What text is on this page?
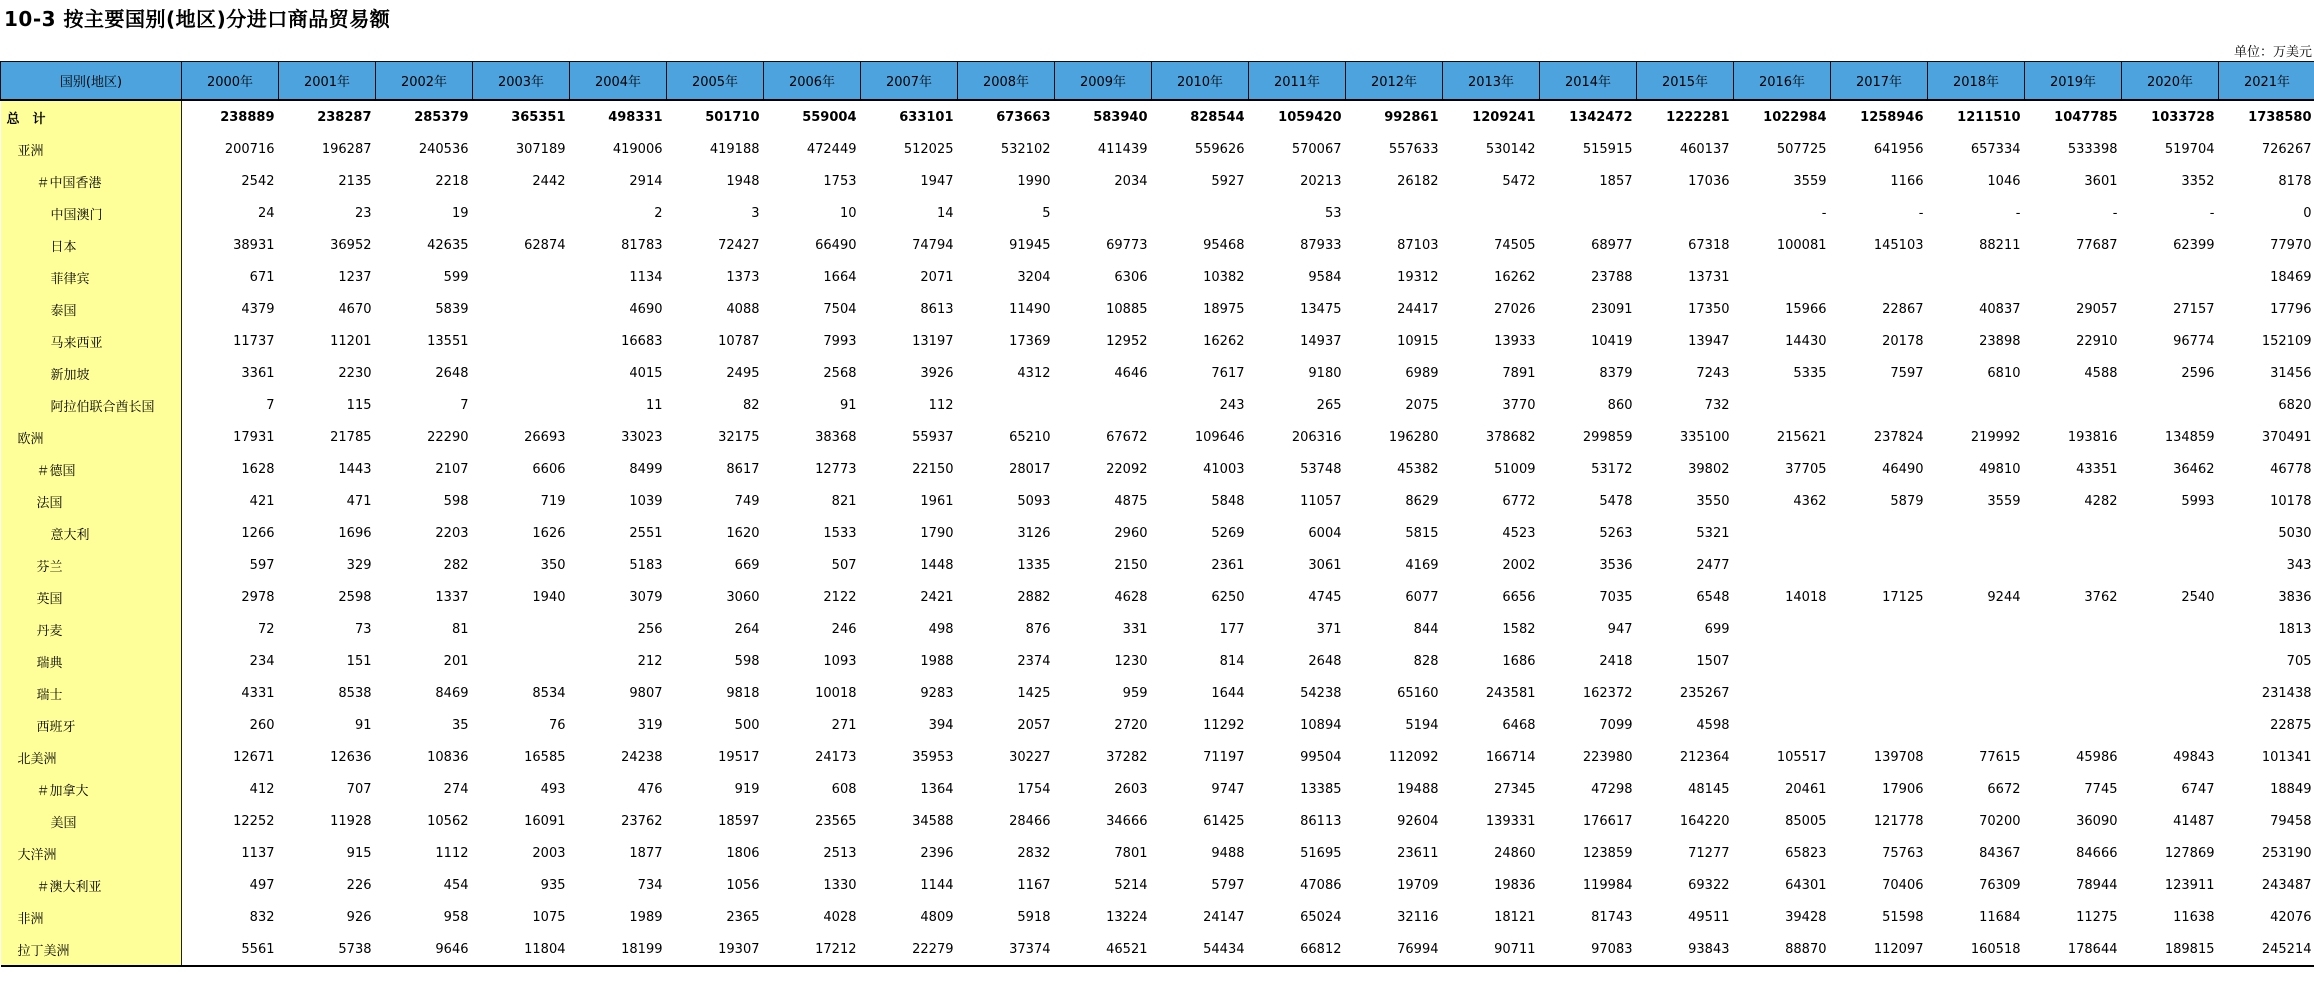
10-3 按主要国别(地区)分进口商品贸易额
单位：万美元
国别(地区)	2000年	2001年	2002年	2003年	2004年	2005年	2006年	2007年	2008年	2009年	2010年	2011年	2012年	2013年	2014年	2015年	2016年	2017年	2018年	2019年	2020年	2021年
总　计	238889	238287	285379	365351	498331	501710	559004	633101	673663	583940	828544	1059420	992861	1209241	1342472	1222281	1022984	1258946	1211510	1047785	1033728	1738580
亚洲	200716	196287	240536	307189	419006	419188	472449	512025	532102	411439	559626	570067	557633	530142	515915	460137	507725	641956	657334	533398	519704	726267
＃中国香港	2542	2135	2218	2442	2914	1948	1753	1947	1990	2034	5927	20213	26182	5472	1857	17036	3559	1166	1046	3601	3352	8178
中国澳门	24	23	19		2	3	10	14	5			53					-	-	-	-	-	0
日本	38931	36952	42635	62874	81783	72427	66490	74794	91945	69773	95468	87933	87103	74505	68977	67318	100081	145103	88211	77687	62399	77970
菲律宾	671	1237	599		1134	1373	1664	2071	3204	6306	10382	9584	19312	16262	23788	13731						18469
泰国	4379	4670	5839		4690	4088	7504	8613	11490	10885	18975	13475	24417	27026	23091	17350	15966	22867	40837	29057	27157	17796
马来西亚	11737	11201	13551		16683	10787	7993	13197	17369	12952	16262	14937	10915	13933	10419	13947	14430	20178	23898	22910	96774	152109
新加坡	3361	2230	2648		4015	2495	2568	3926	4312	4646	7617	9180	6989	7891	8379	7243	5335	7597	6810	4588	2596	31456
阿拉伯联合酋长国	7	115	7		11	82	91	112			243	265	2075	3770	860	732						6820
欧洲	17931	21785	22290	26693	33023	32175	38368	55937	65210	67672	109646	206316	196280	378682	299859	335100	215621	237824	219992	193816	134859	370491
＃德国	1628	1443	2107	6606	8499	8617	12773	22150	28017	22092	41003	53748	45382	51009	53172	39802	37705	46490	49810	43351	36462	46778
法国	421	471	598	719	1039	749	821	1961	5093	4875	5848	11057	8629	6772	5478	3550	4362	5879	3559	4282	5993	10178
意大利	1266	1696	2203	1626	2551	1620	1533	1790	3126	2960	5269	6004	5815	4523	5263	5321						5030
芬兰	597	329	282	350	5183	669	507	1448	1335	2150	2361	3061	4169	2002	3536	2477						343
英国	2978	2598	1337	1940	3079	3060	2122	2421	2882	4628	6250	4745	6077	6656	7035	6548	14018	17125	9244	3762	2540	3836
丹麦	72	73	81		256	264	246	498	876	331	177	371	844	1582	947	699						1813
瑞典	234	151	201		212	598	1093	1988	2374	1230	814	2648	828	1686	2418	1507						705
瑞士	4331	8538	8469	8534	9807	9818	10018	9283	1425	959	1644	54238	65160	243581	162372	235267						231438
西班牙	260	91	35	76	319	500	271	394	2057	2720	11292	10894	5194	6468	7099	4598						22875
北美洲	12671	12636	10836	16585	24238	19517	24173	35953	30227	37282	71197	99504	112092	166714	223980	212364	105517	139708	77615	45986	49843	101341
＃加拿大	412	707	274	493	476	919	608	1364	1754	2603	9747	13385	19488	27345	47298	48145	20461	17906	6672	7745	6747	18849
美国	12252	11928	10562	16091	23762	18597	23565	34588	28466	34666	61425	86113	92604	139331	176617	164220	85005	121778	70200	36090	41487	79458
大洋洲	1137	915	1112	2003	1877	1806	2513	2396	2832	7801	9488	51695	23611	24860	123859	71277	65823	75763	84367	84666	127869	253190
＃澳大利亚	497	226	454	935	734	1056	1330	1144	1167	5214	5797	47086	19709	19836	119984	69322	64301	70406	76309	78944	123911	243487
非洲	832	926	958	1075	1989	2365	4028	4809	5918	13224	24147	65024	32116	18121	81743	49511	39428	51598	11684	11275	11638	42076
拉丁美洲	5561	5738	9646	11804	18199	19307	17212	22279	37374	46521	54434	66812	76994	90711	97083	93843	88870	112097	160518	178644	189815	245214
